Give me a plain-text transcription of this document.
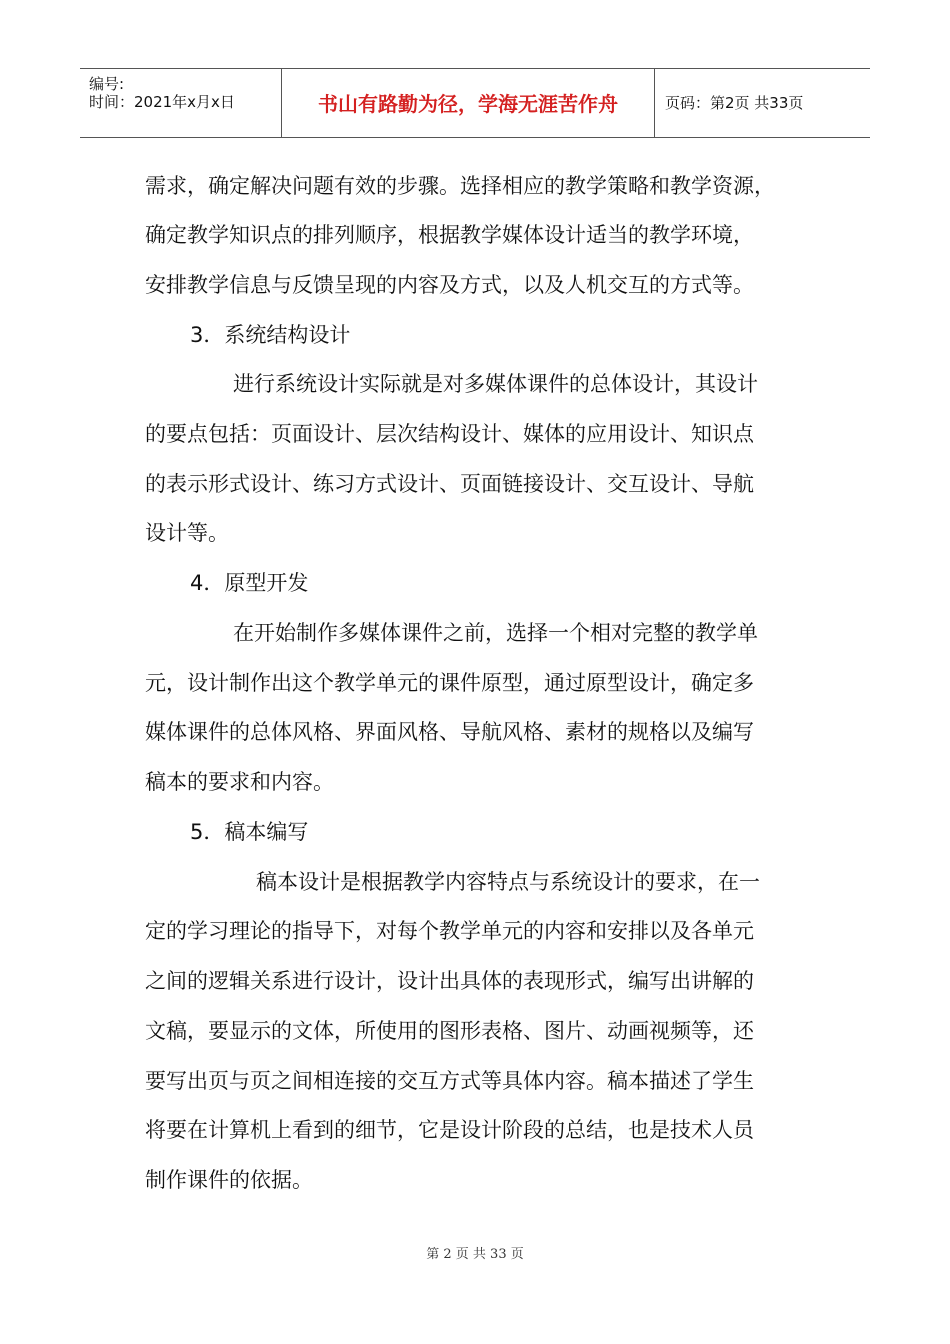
编号:
时间：2021年x月x日	书山有路勤为径，学海无涯苦作舟	页码：第2页 共33页
需求，确定解决问题有效的步骤。选择相应的教学策略和教学资源，
确定教学知识点的排列顺序，根据教学媒体设计适当的教学环境，
安排教学信息与反馈呈现的内容及方式，以及人机交互的方式等。
3．系统结构设计
进行系统设计实际就是对多媒体课件的总体设计，其设计
的要点包括：页面设计、层次结构设计、媒体的应用设计、知识点
的表示形式设计、练习方式设计、页面链接设计、交互设计、导航
设计等。
4．原型开发
在开始制作多媒体课件之前，选择一个相对完整的教学单
元，设计制作出这个教学单元的课件原型，通过原型设计，确定多
媒体课件的总体风格、界面风格、导航风格、素材的规格以及编写
稿本的要求和内容。
5．稿本编写
稿本设计是根据教学内容特点与系统设计的要求，在一
定的学习理论的指导下，对每个教学单元的内容和安排以及各单元
之间的逻辑关系进行设计，设计出具体的表现形式，编写出讲解的
文稿，要显示的文体，所使用的图形表格、图片、动画视频等，还
要写出页与页之间相连接的交互方式等具体内容。稿本描述了学生
将要在计算机上看到的细节，它是设计阶段的总结，也是技术人员
制作课件的依据。
第 2 页 共 33 页
